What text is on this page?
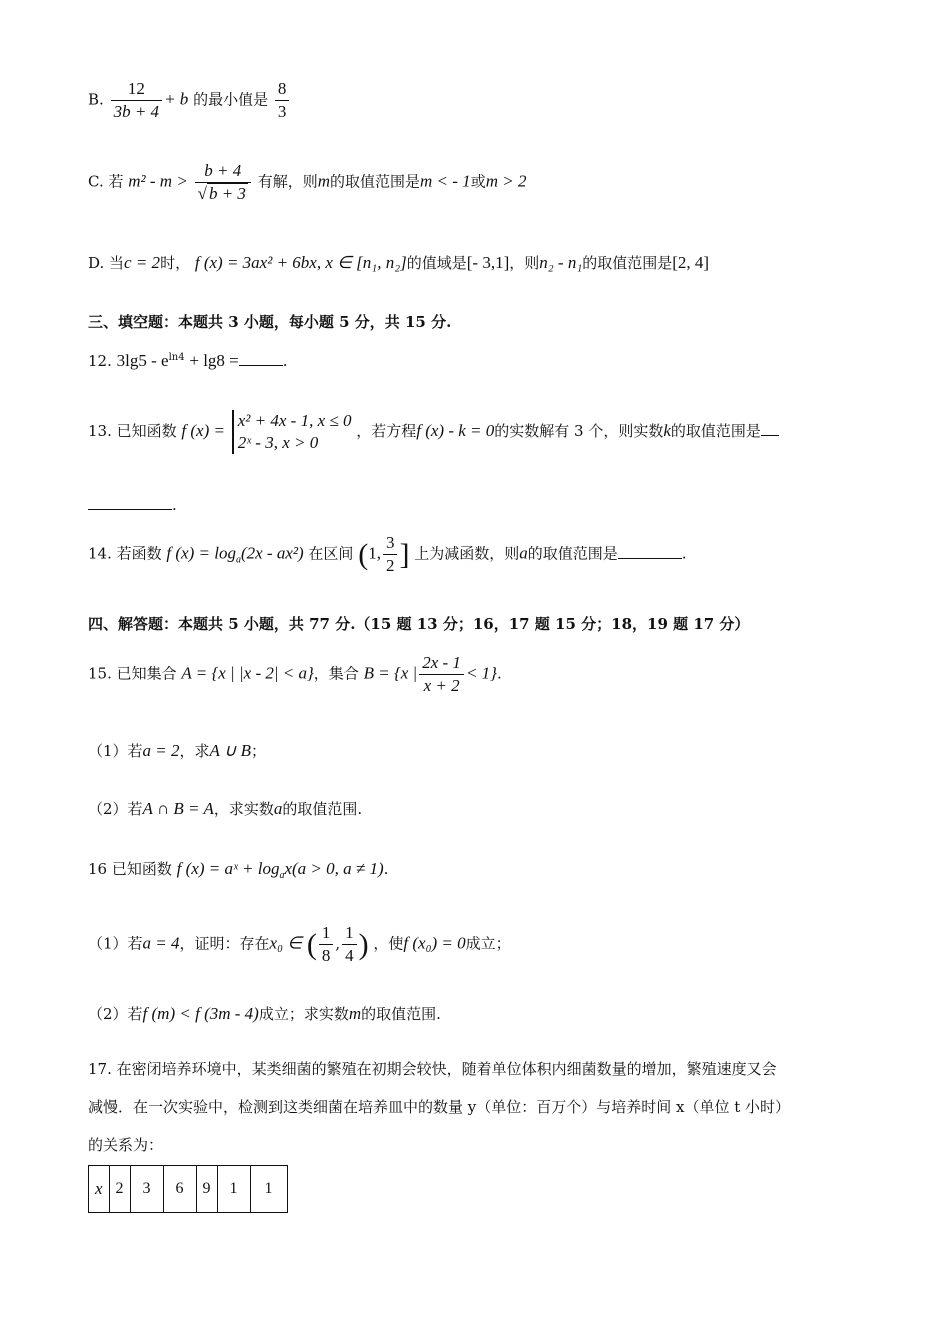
B. $\frac{12}{3b + 4} + b$ 的最小值是 $\frac{8}{3}$
C. 若 $m^2 - m > \frac{b + 4}{√ b + 3}$ 有解，则m的取值范围是m < - 1或m > 2
D. 当c = 2时， f (x) = 3ax² + 6bx, x ∈ [n₁, n₂]的值域是[- 3,1]，则n₂ - n₁的取值范围是[2, 4]
三、填空题：本题共 3 小题，每小题 5 分，共 15 分.
12. $3\lg 5 - e^{ln4} + \lg 8$ =	.
13. 已知函数 f (x) =
x² + 4x - 1, x ≤ 0
2ˣ - 3, x > 0
，若方程f (x) - k = 0的实数解有 3 个，则实数k的取值范围是
.
14. 若函数 f $(x) = \log_a(2x - ax^2)$ 在区间 (1, $\frac{3}{2}$ ] 上为减函数，则a的取值范围是	.
四、解答题：本题共 5 小题，共 77 分.（15 题 13 分；16，17 题 15 分；18，19 题 17 分）
15. 已知集合 A = {x | |x - 2| < a}，集合 B = {x | $\frac{2x - 1}{x + 2} < 1$}.
（1）若a = 2，求A ∪ B；
（2）若A ∩ B = A，求实数a的取值范围.
16 已知函数 f (x) = aˣ + $\log_ax(a > 0$, a ≠ 1).
（1）若a = 4，证明：存在x₀ ∈ ( $\frac{1}{8}$ , $\frac{1}{4}$ ) ，使f (x₀) = 0成立；
（2）若f (m) < f (3m - 4)成立；求实数m的取值范围.
17. 在密闭培养环境中，某类细菌的繁殖在初期会较快，随着单位体积内细菌数量的增加，繁殖速度又会
减慢．在一次实验中，检测到这类细菌在培养皿中的数量 y（单位：百万个）与培养时间 x（单位 t 小时）
的关系为：
x	2	3	6	9	1	1
